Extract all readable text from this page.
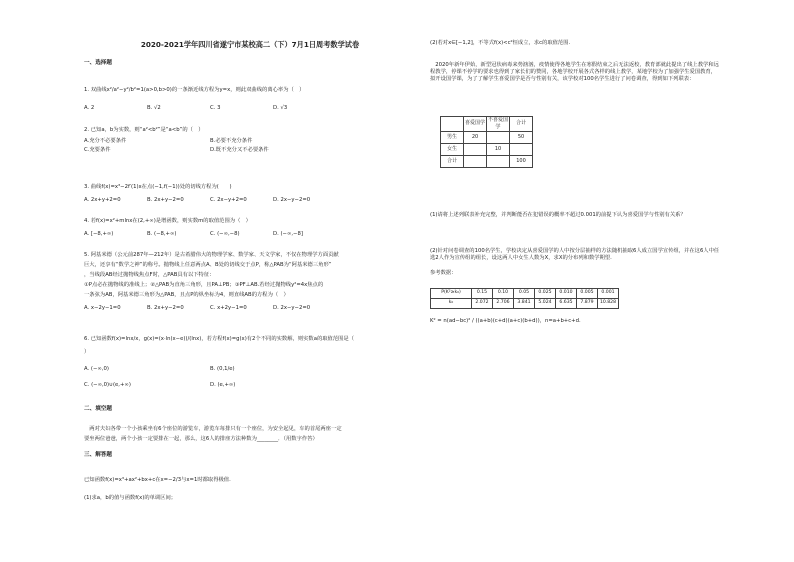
2020-2021学年四川省遂宁市某校高二（下）7月1日周考数学试卷
一、选择题
1. 双曲线x²/a²−y²/b²=1(a>0,b>0)的一条渐近线方程为y=x，则此双曲线的离心率为（　）
A. 2	B. √2	C. 3	D. √3
2. 已知a，b为实数，则“a²<b²”是“a<b”的（　）
A.充分不必要条件	B.必要不充分条件
C.充要条件	D.既不充分又不必要条件
3. 曲线f(x)=x³−2f′(1)x在点(−1,f(−1))处的切线方程为(　　)
A. 2x+y+2=0	B. 2x+y−2=0	C. 2x−y+2=0	D. 2x−y−2=0
4. 若f(x)=x²+mlnx在(2,+∞)是增函数，则实数m的取值范围为（　）
A. [−8,+∞)	B. (−8,+∞)	C. (−∞,−8)	D. (−∞,−8]
5. 阿基米德（公元前287年—212年）是古希腊伟大的物理学家、数学家、天文学家，不仅在物理学方面贡献
巨大，还享有“数学之神”的称号。抛物线上任意两点A、B处的切线交于点P，称△PAB为“阿基米德三角形”
，当线段AB经过抛物线焦点F时，△PAB具有以下特征：
①P点必在抛物线的准线上；②△PAB为直角三角形，且PA⊥PB；③PF⊥AB.若经过抛物线y²=4x焦点的
一条弦为AB，阿基米德三角形为△PAB，且点P的纵坐标为4，则直线AB的方程为（　）
A. x−2y−1=0	B. 2x+y−2=0	C. x+2y−1=0	D. 2x−y−2=0
6. 已知函数f(x)=lnx/x，g(x)=(x·ln(x−e))/(lnx)，若方程f(x)=g(x)有2个不同的实数解，则实数a的取值范围是（
）
A. (−∞,0)	B. (0,1/e)
C. (−∞,0)∪(e,+∞)	D. (e,+∞)
二、填空题
　两对夫妇各带一个小孩乘坐有6个座位的游览车，游览车每排只有一个座位，为安全起见，车的首尾两座一定
要坐两位爸爸，两个小孩一定要排在一起，那么，这6人的排座方法种数为________．（用数字作答）
三、解答题
已知函数f(x)=x³+ax²+bx+c在x=−2/3与x=1时都取得极值.
(1)求a，b的值与函数f(x)的单调区间；
(2)若对x∈[−1,2]，不等式f(x)<c²恒成立，求c的取值范围.
　2020年新年伊始，新型冠状病毒来势汹汹，疫情使得各地学生在寒假结束之后无法返校，教育部就此提出了线上教学和远程教学，停课不停学的要求也得到了家长们的赞同，各地学校开展各式各样的线上教学，某地学校为了加强学生爱国教育，拟开设国学课，为了了解学生喜爱国学是否与性别有关，该学校对100名学生进行了问卷调查，得到如下列联表：
	喜爱国学	不喜爱国学	合计
男生	20		50
女生		10	
合计			100
(1)请将上述列联表补充完整，并判断能否在犯错误的概率不超过0.001的前提下认为喜爱国学与性别有关系？
(2)针对问卷调查的100名学生，学校决定从喜爱国学的人中按分层抽样的方法随机抽取6人成立国学宣传组，并在这6人中任选2人作为宣传组的组长，设这两人中女生人数为X，求X的分布列和数学期望.
参考数据：
P(K²≥k₀)	0.15	0.10	0.05	0.025	0.010	0.005	0.001
k₀	2.072	2.706	3.841	5.024	6.635	7.879	10.828
K² = n(ad−bc)² / ((a+b)(c+d)(a+c)(b+d))，n=a+b+c+d.
